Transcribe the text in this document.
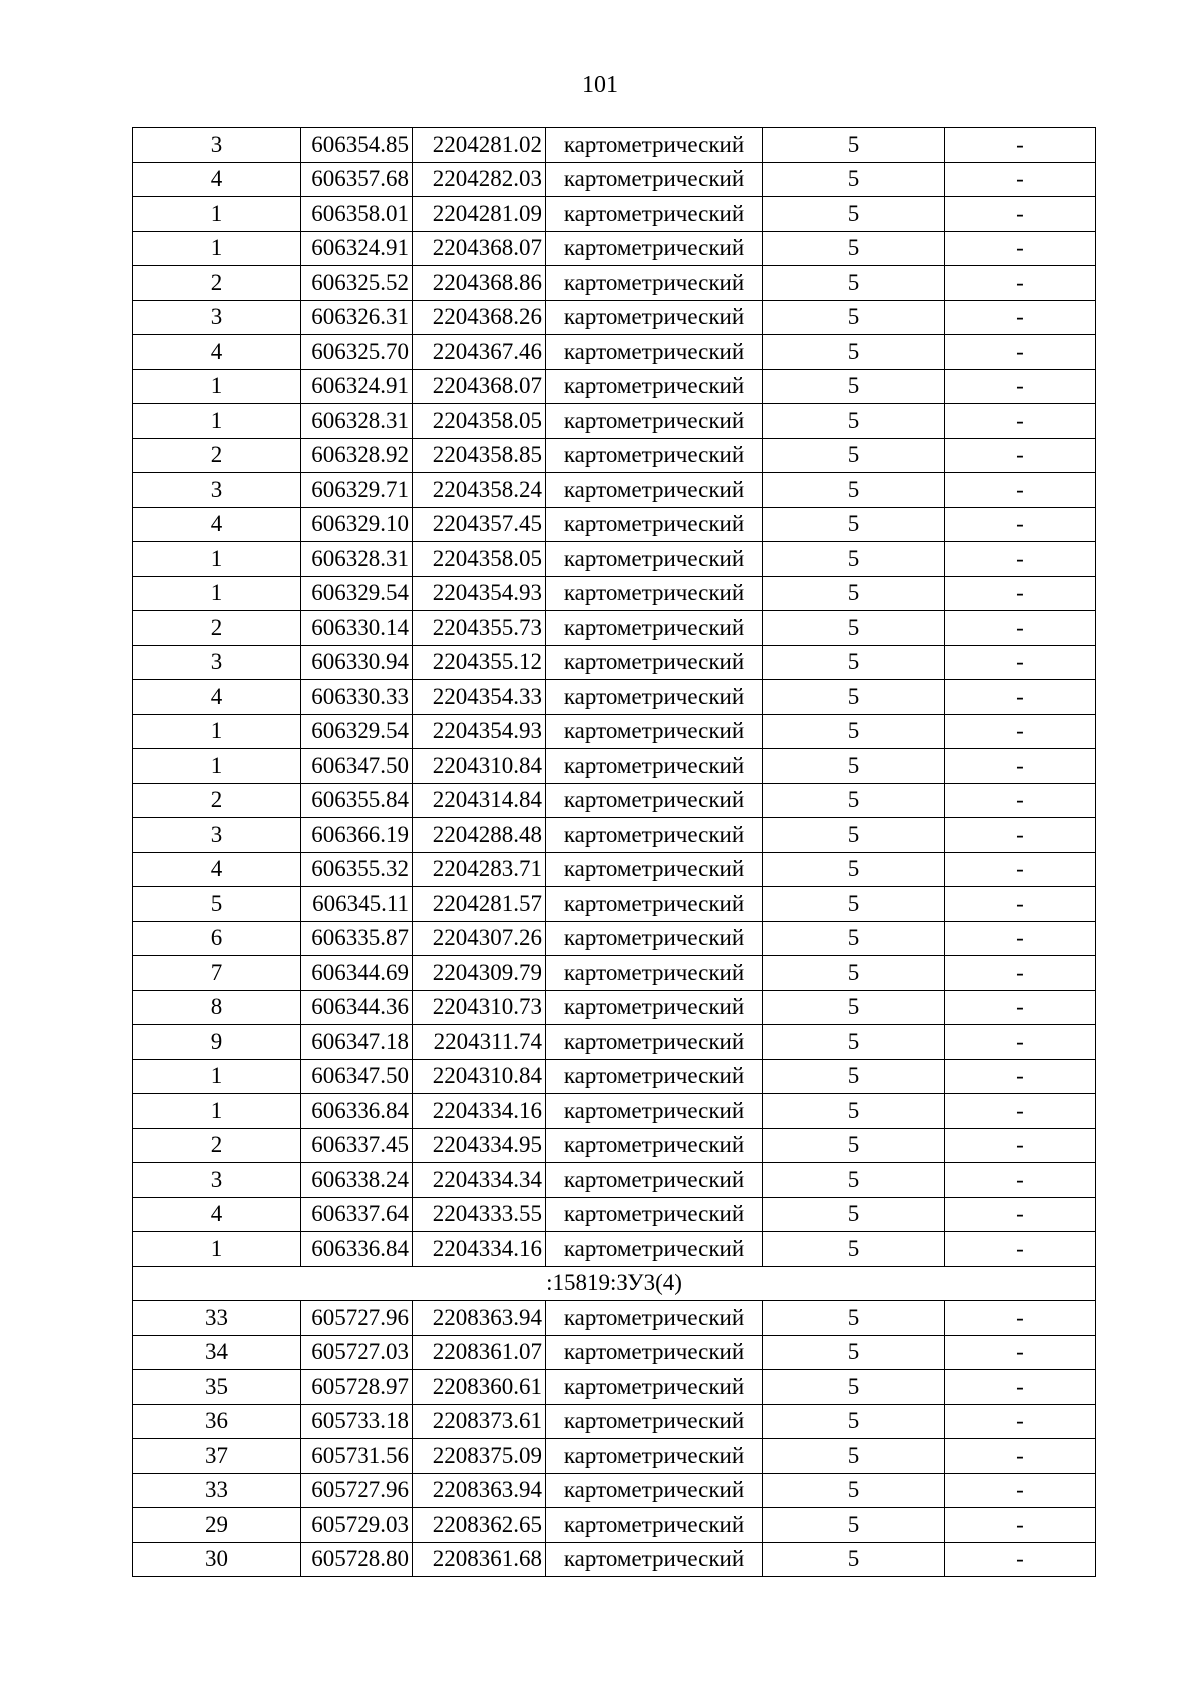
101
3	606354.85	2204281.02	картометрический	5	-
4	606357.68	2204282.03	картометрический	5	-
1	606358.01	2204281.09	картометрический	5	-
1	606324.91	2204368.07	картометрический	5	-
2	606325.52	2204368.86	картометрический	5	-
3	606326.31	2204368.26	картометрический	5	-
4	606325.70	2204367.46	картометрический	5	-
1	606324.91	2204368.07	картометрический	5	-
1	606328.31	2204358.05	картометрический	5	-
2	606328.92	2204358.85	картометрический	5	-
3	606329.71	2204358.24	картометрический	5	-
4	606329.10	2204357.45	картометрический	5	-
1	606328.31	2204358.05	картометрический	5	-
1	606329.54	2204354.93	картометрический	5	-
2	606330.14	2204355.73	картометрический	5	-
3	606330.94	2204355.12	картометрический	5	-
4	606330.33	2204354.33	картометрический	5	-
1	606329.54	2204354.93	картометрический	5	-
1	606347.50	2204310.84	картометрический	5	-
2	606355.84	2204314.84	картометрический	5	-
3	606366.19	2204288.48	картометрический	5	-
4	606355.32	2204283.71	картометрический	5	-
5	606345.11	2204281.57	картометрический	5	-
6	606335.87	2204307.26	картометрический	5	-
7	606344.69	2204309.79	картометрический	5	-
8	606344.36	2204310.73	картометрический	5	-
9	606347.18	2204311.74	картометрический	5	-
1	606347.50	2204310.84	картометрический	5	-
1	606336.84	2204334.16	картометрический	5	-
2	606337.45	2204334.95	картометрический	5	-
3	606338.24	2204334.34	картометрический	5	-
4	606337.64	2204333.55	картометрический	5	-
1	606336.84	2204334.16	картометрический	5	-
:15819:ЗУ3(4)					
33	605727.96	2208363.94	картометрический	5	-
34	605727.03	2208361.07	картометрический	5	-
35	605728.97	2208360.61	картометрический	5	-
36	605733.18	2208373.61	картометрический	5	-
37	605731.56	2208375.09	картометрический	5	-
33	605727.96	2208363.94	картометрический	5	-
29	605729.03	2208362.65	картометрический	5	-
30	605728.80	2208361.68	картометрический	5	-
